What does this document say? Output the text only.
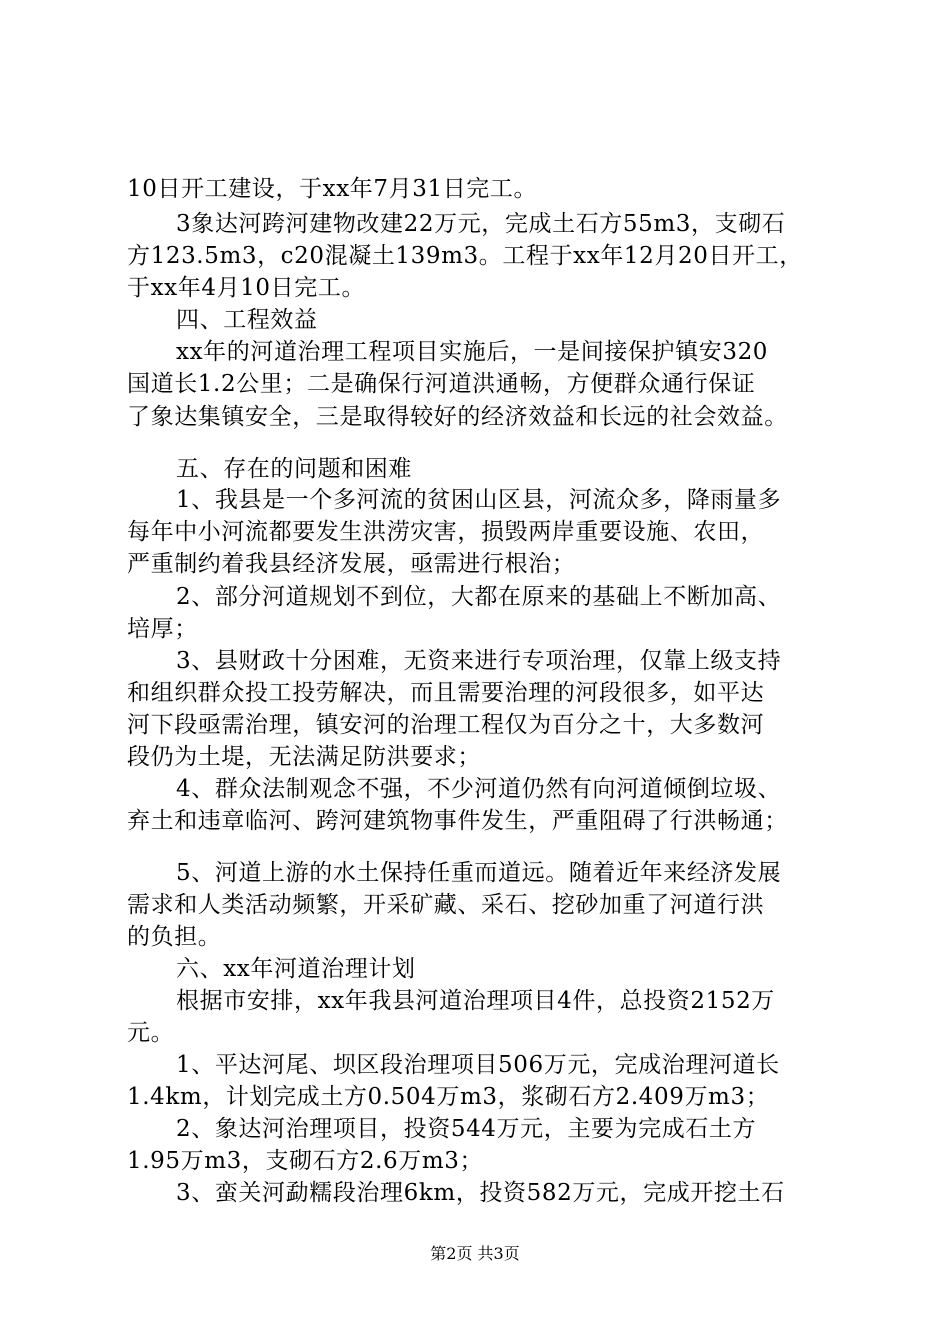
10日开工建设，于xx年7月31日完工。
3象达河跨河建物改建22万元，完成土石方55m3，支砌石
方123.5m3，c20混凝土139m3。工程于xx年12月20日开工，
于xx年4月10日完工。
四、工程效益
xx年的河道治理工程项目实施后，一是间接保护镇安320
国道长1.2公里；二是确保行河道洪通畅，方便群众通行保证
了象达集镇安全，三是取得较好的经济效益和长远的社会效益。
五、存在的问题和困难
1、我县是一个多河流的贫困山区县，河流众多，降雨量多
每年中小河流都要发生洪涝灾害，损毁两岸重要设施、农田，
严重制约着我县经济发展，亟需进行根治；
2、部分河道规划不到位，大都在原来的基础上不断加高、
培厚；
3、县财政十分困难，无资来进行专项治理，仅靠上级支持
和组织群众投工投劳解决，而且需要治理的河段很多，如平达
河下段亟需治理，镇安河的治理工程仅为百分之十，大多数河
段仍为土堤，无法满足防洪要求；
4、群众法制观念不强，不少河道仍然有向河道倾倒垃圾、
弃土和违章临河、跨河建筑物事件发生，严重阻碍了行洪畅通；
5、河道上游的水土保持任重而道远。随着近年来经济发展
需求和人类活动频繁，开采矿藏、采石、挖砂加重了河道行洪
的负担。
六、xx年河道治理计划
根据市安排，xx年我县河道治理项目4件，总投资2152万
元。
1、平达河尾、坝区段治理项目506万元，完成治理河道长
1.4km，计划完成土方0.504万m3，浆砌石方2.409万m3；
2、象达河治理项目，投资544万元，主要为完成石土方
1.95万m3，支砌石方2.6万m3；
3、蛮关河勐糯段治理6km，投资582万元，完成开挖土石
第2页 共3页
